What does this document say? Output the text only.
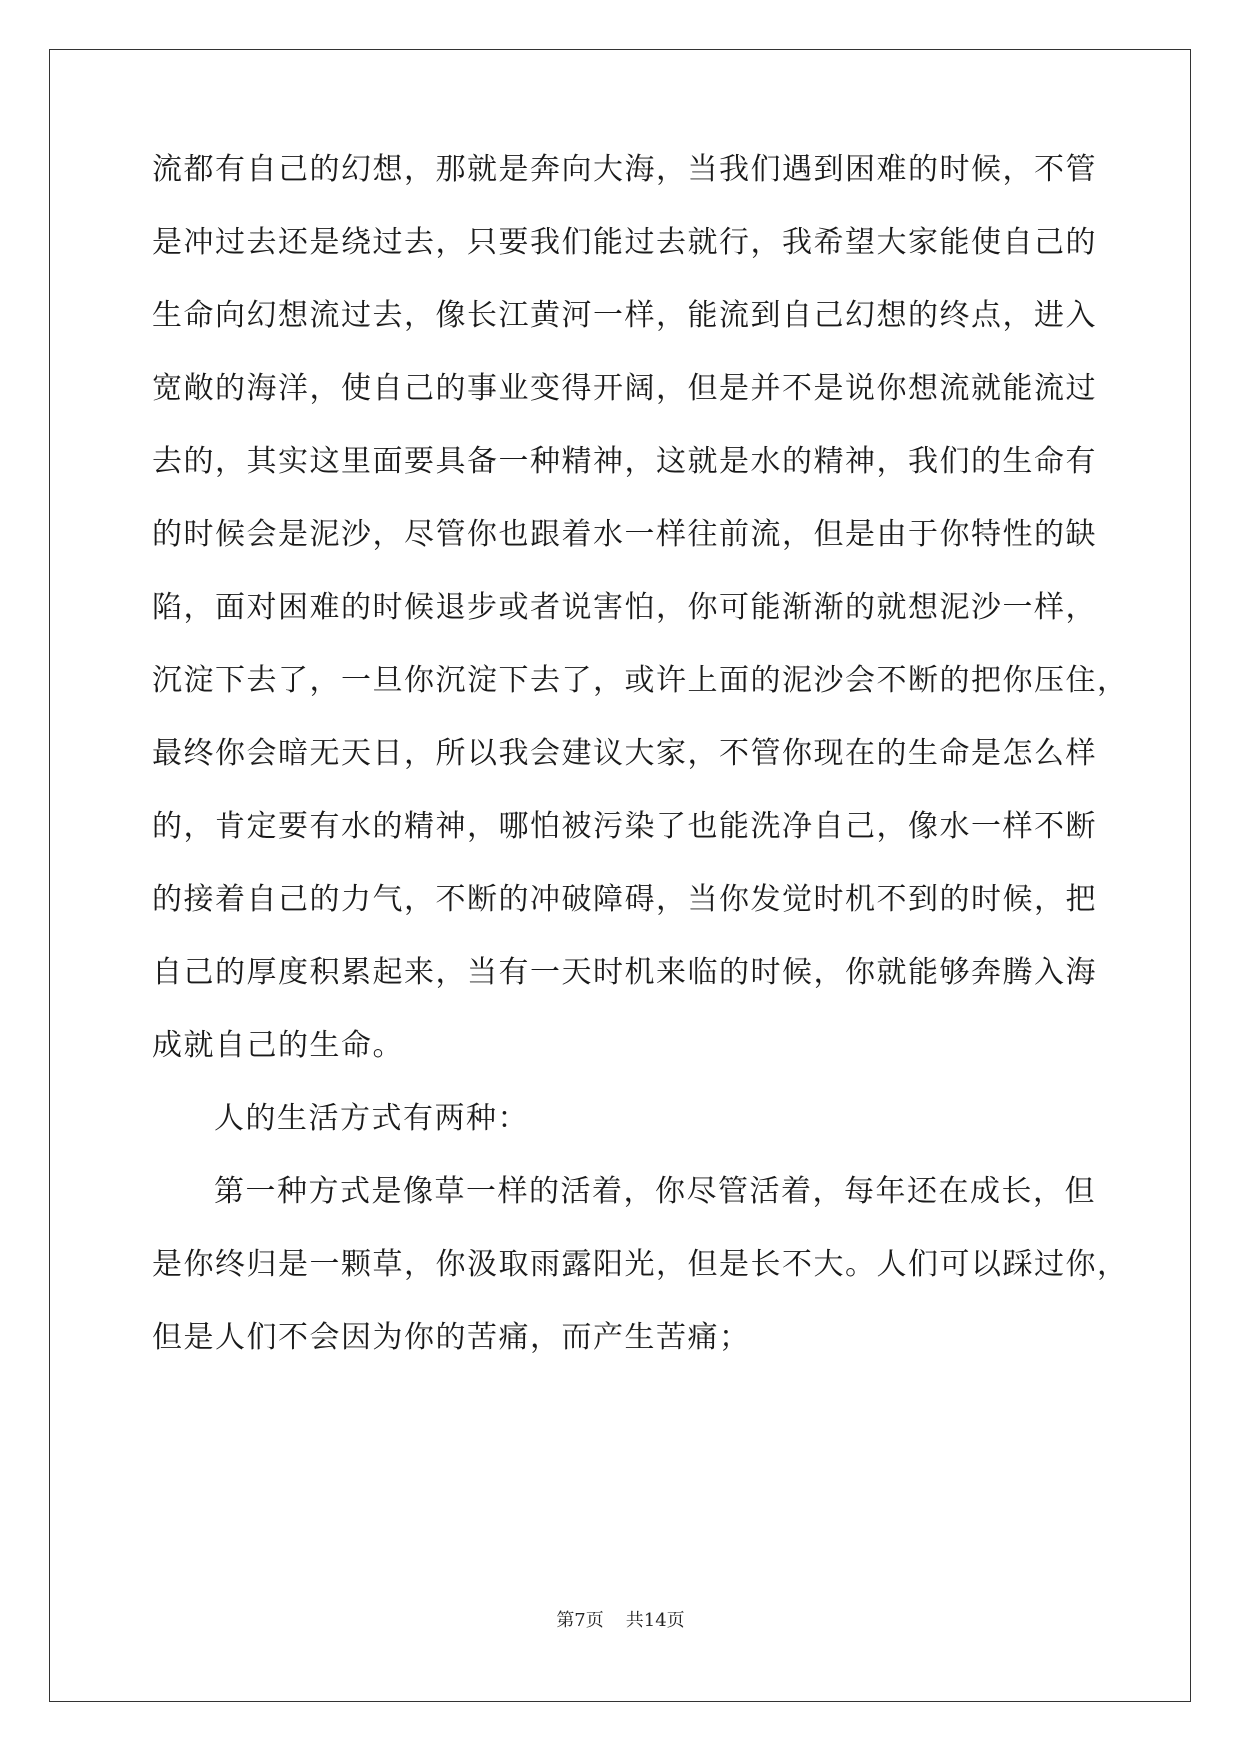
流都有自己的幻想，那就是奔向大海，当我们遇到困难的时候，不管
是冲过去还是绕过去，只要我们能过去就行，我希望大家能使自己的
生命向幻想流过去，像长江黄河一样，能流到自己幻想的终点，进入
宽敞的海洋，使自己的事业变得开阔，但是并不是说你想流就能流过
去的，其实这里面要具备一种精神，这就是水的精神，我们的生命有
的时候会是泥沙，尽管你也跟着水一样往前流，但是由于你特性的缺
陷，面对困难的时候退步或者说害怕，你可能渐渐的就想泥沙一样，
沉淀下去了，一旦你沉淀下去了，或许上面的泥沙会不断的把你压住，
最终你会暗无天日，所以我会建议大家，不管你现在的生命是怎么样
的，肯定要有水的精神，哪怕被污染了也能洗净自己，像水一样不断
的接着自己的力气，不断的冲破障碍，当你发觉时机不到的时候，把
自己的厚度积累起来，当有一天时机来临的时候，你就能够奔腾入海
成就自己的生命。
人的生活方式有两种：
第一种方式是像草一样的活着，你尽管活着，每年还在成长，但
是你终归是一颗草，你汲取雨露阳光，但是长不大。人们可以踩过你，
但是人们不会因为你的苦痛，而产生苦痛；
第7页 共14页
